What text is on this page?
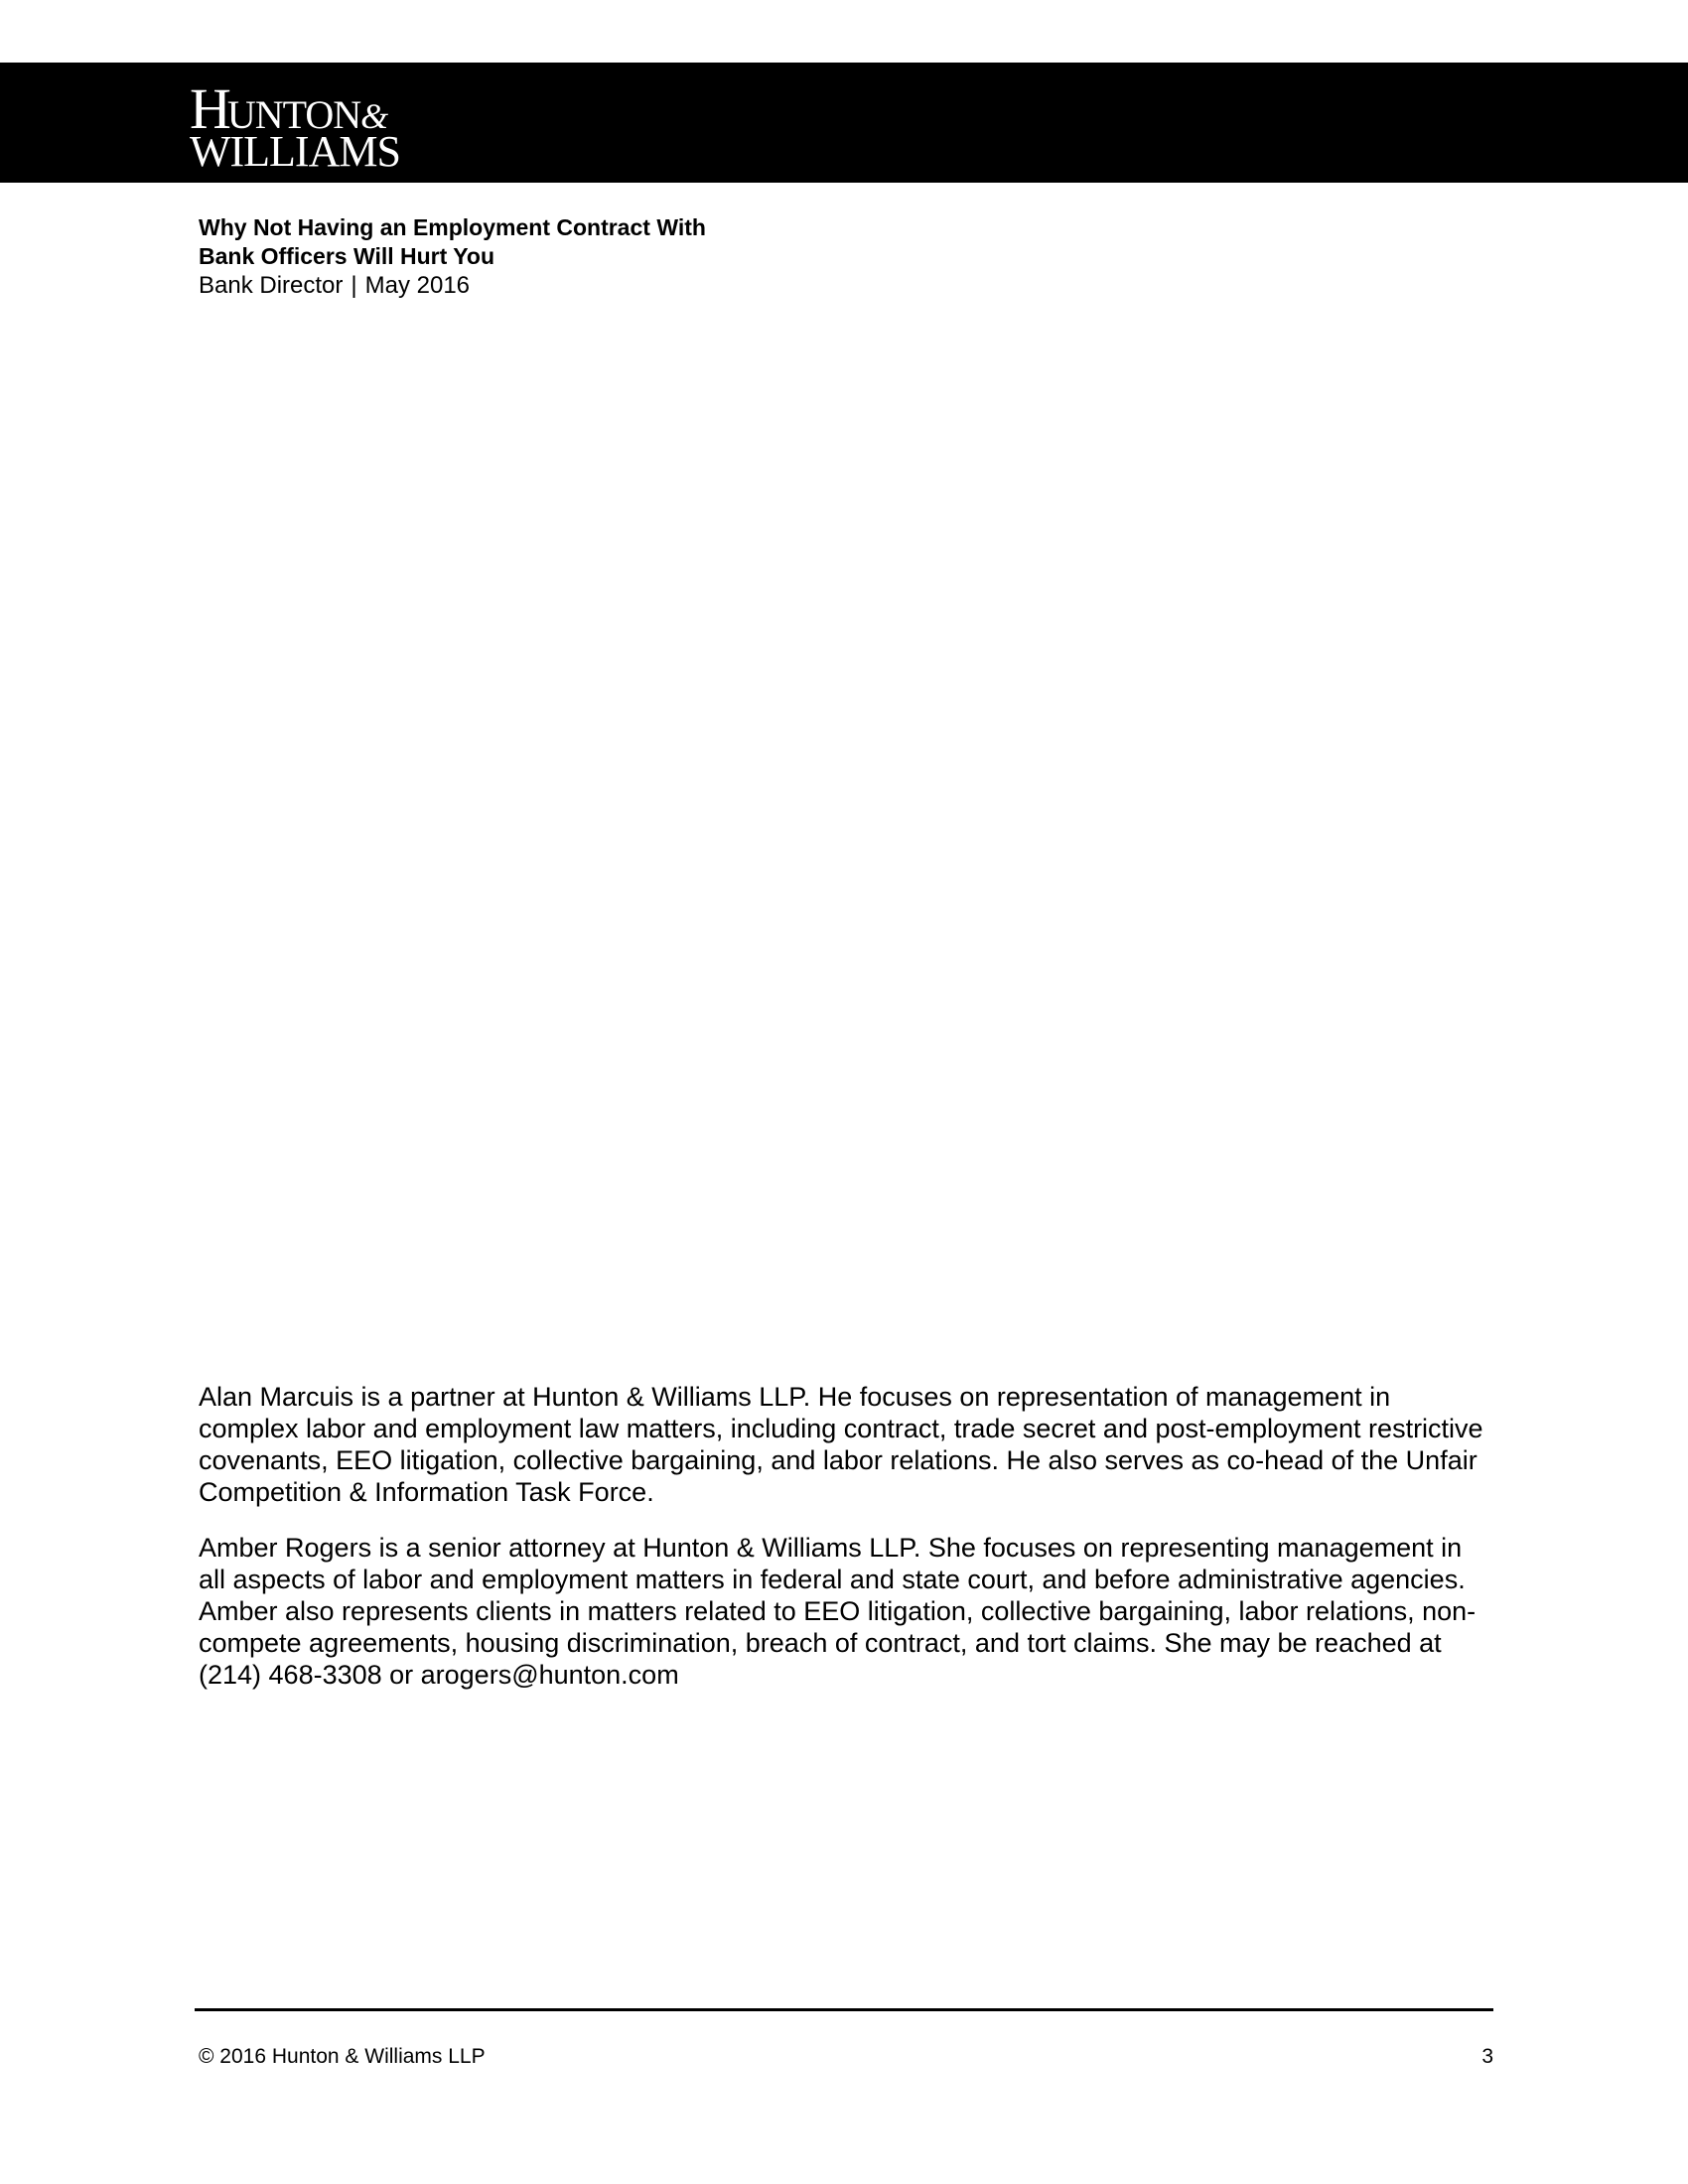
HUNTON&
WILLIAMS

Why Not Having an Employment Contract With

Bank Officers Will Hurt You

Bank Director | May 2016

Alan Marcuis is a partner at Hunton & Williams LLP. He focuses on representation of management in complex labor and employment law matters, including contract, trade secret and post-employment restrictive covenants, EEO litigation, collective bargaining, and labor relations. He also serves as co-head of the Unfair Competition & Information Task Force.

Amber Rogers is a senior attorney at Hunton & Williams LLP. She focuses on representing management in all aspects of labor and employment matters in federal and state court, and before administrative agencies. Amber also represents clients in matters related to EEO litigation, collective bargaining, labor relations, non-compete agreements, housing discrimination, breach of contract, and tort claims. She may be reached at (214) 468-3308 or arogers@hunton.com

© 2016 Hunton & Williams LLP	3
